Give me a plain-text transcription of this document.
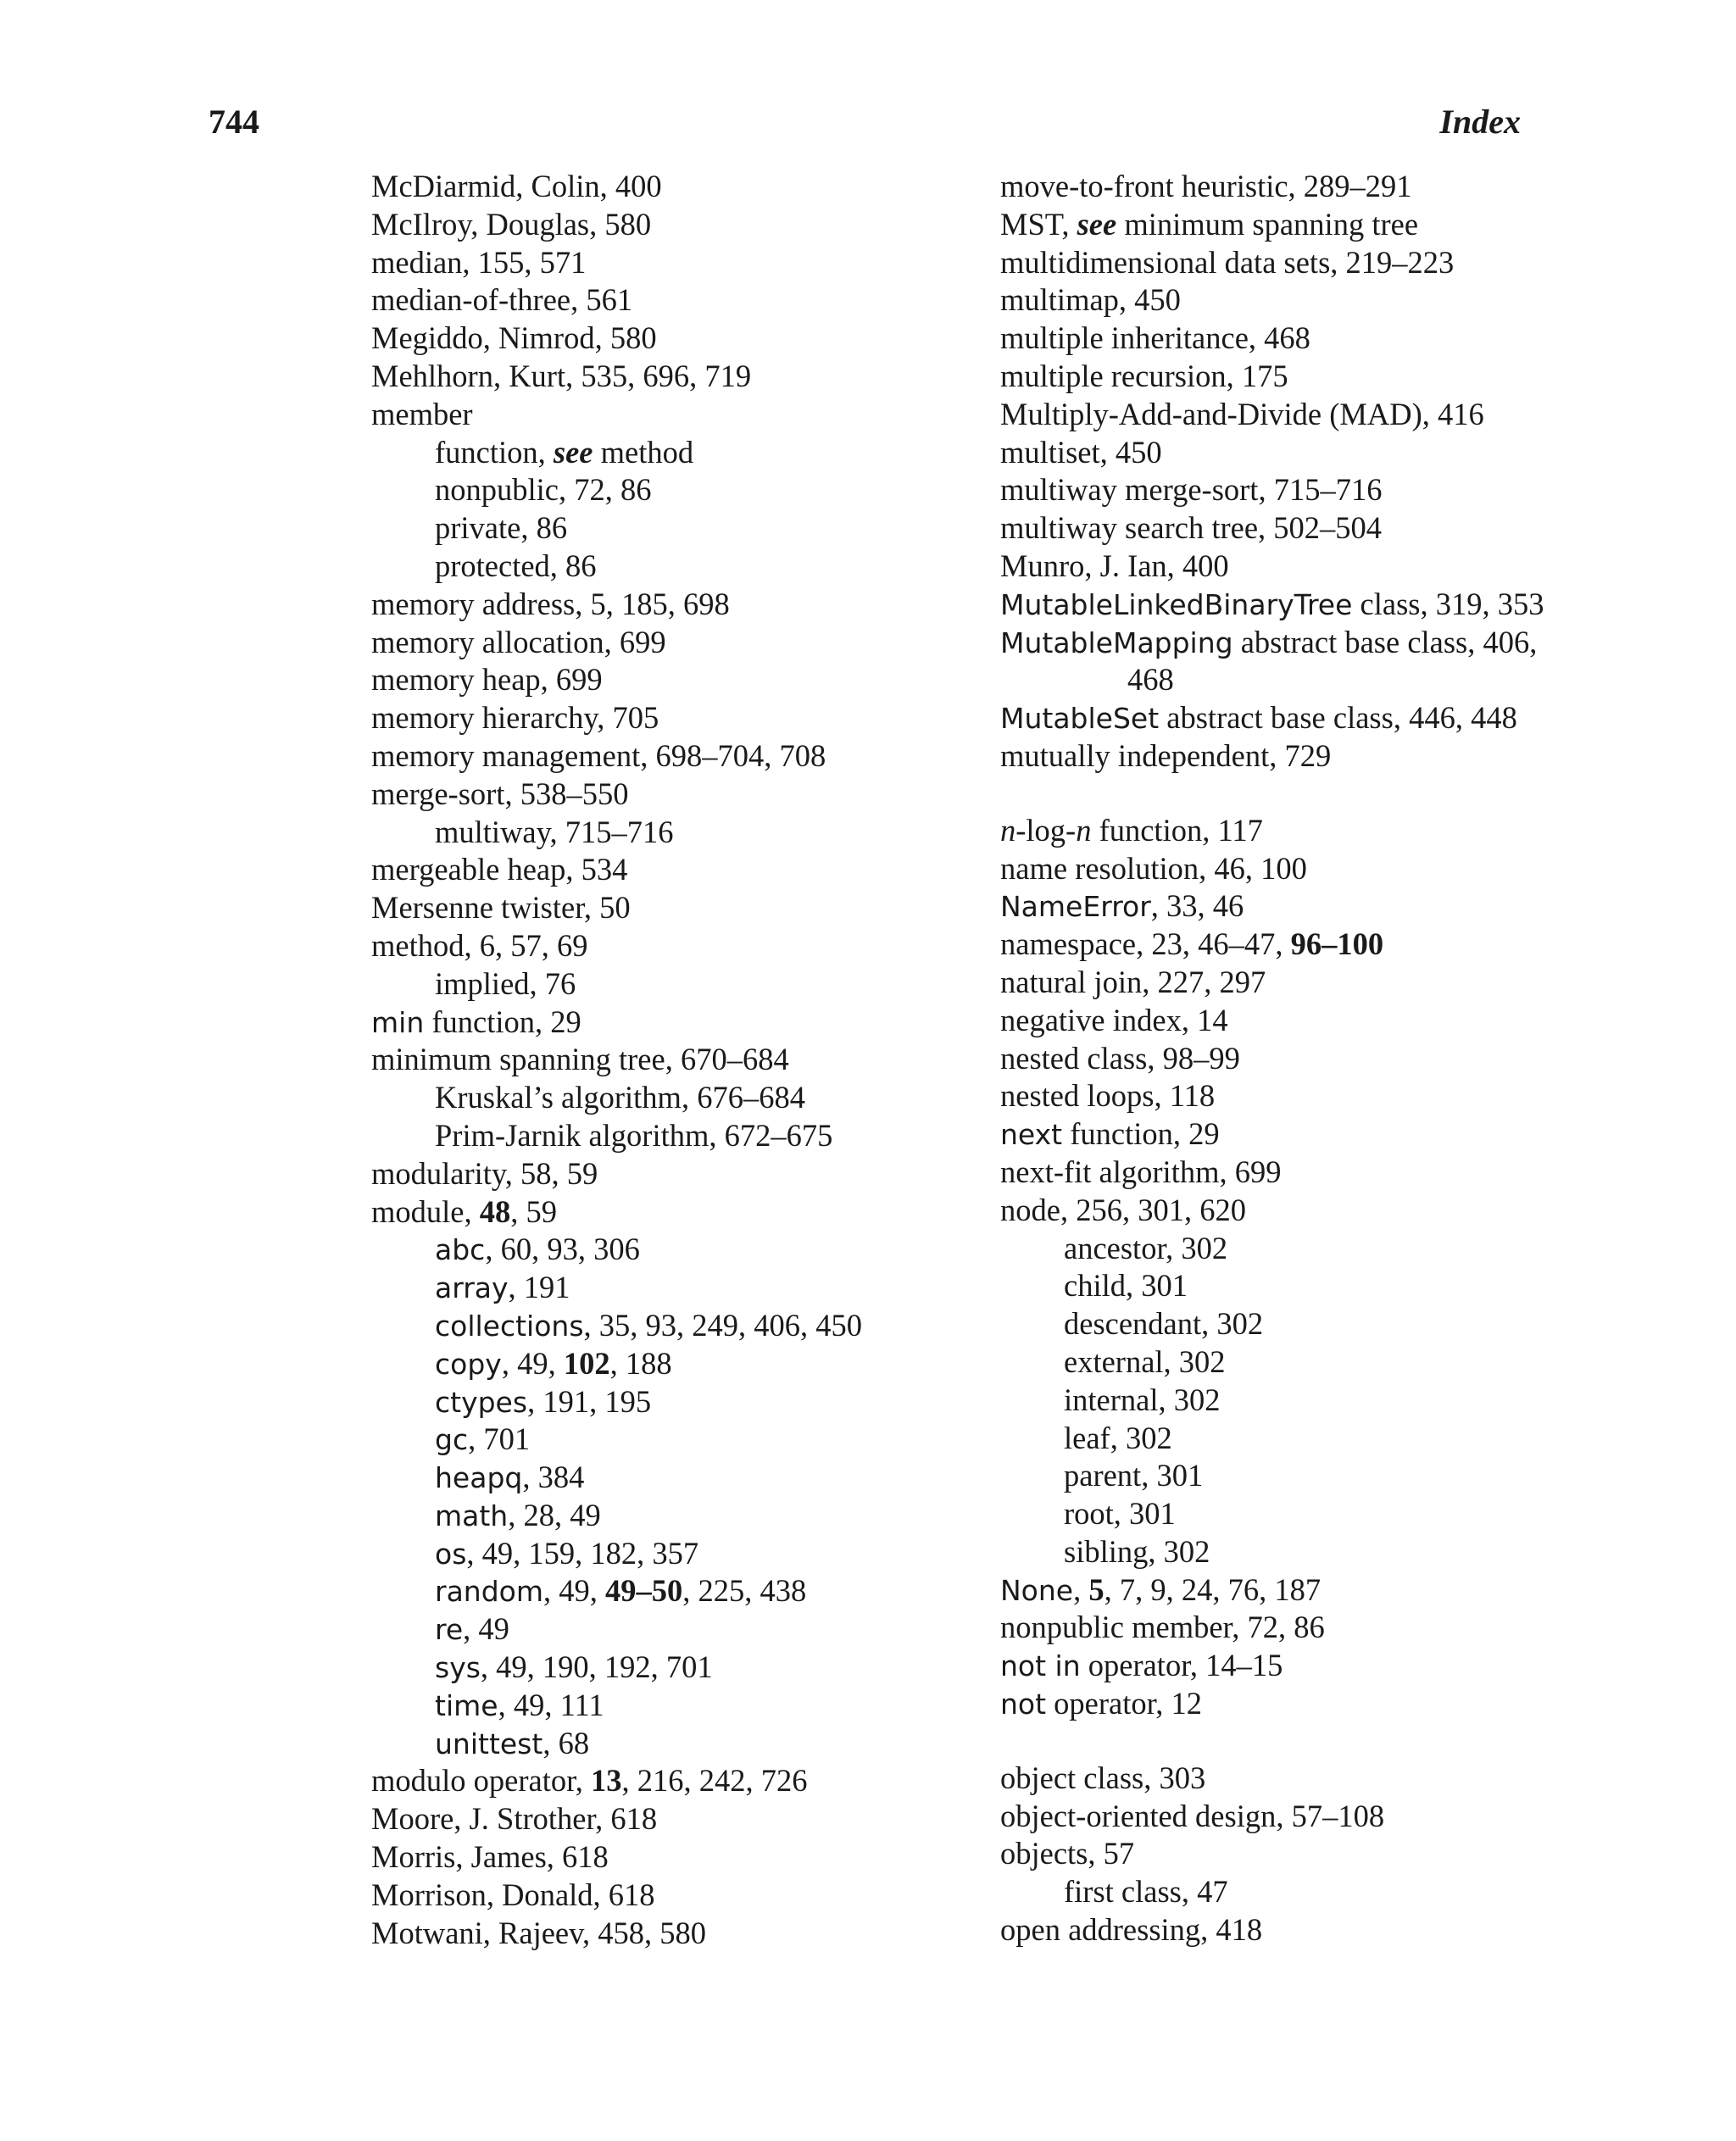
744	Index
McDiarmid, Colin, 400
McIlroy, Douglas, 580
median, 155, 571
median-of-three, 561
Megiddo, Nimrod, 580
Mehlhorn, Kurt, 535, 696, 719
member
function, see method
nonpublic, 72, 86
private, 86
protected, 86
memory address, 5, 185, 698
memory allocation, 699
memory heap, 699
memory hierarchy, 705
memory management, 698–704, 708
merge-sort, 538–550
multiway, 715–716
mergeable heap, 534
Mersenne twister, 50
method, 6, 57, 69
implied, 76
min function, 29
minimum spanning tree, 670–684
Kruskal’s algorithm, 676–684
Prim-Jarnik algorithm, 672–675
modularity, 58, 59
module, 48, 59
abc, 60, 93, 306
array, 191
collections, 35, 93, 249, 406, 450
copy, 49, 102, 188
ctypes, 191, 195
gc, 701
heapq, 384
math, 28, 49
os, 49, 159, 182, 357
random, 49, 49–50, 225, 438
re, 49
sys, 49, 190, 192, 701
time, 49, 111
unittest, 68
modulo operator, 13, 216, 242, 726
Moore, J. Strother, 618
Morris, James, 618
Morrison, Donald, 618
Motwani, Rajeev, 458, 580
move-to-front heuristic, 289–291
MST, see minimum spanning tree
multidimensional data sets, 219–223
multimap, 450
multiple inheritance, 468
multiple recursion, 175
Multiply-Add-and-Divide (MAD), 416
multiset, 450
multiway merge-sort, 715–716
multiway search tree, 502–504
Munro, J. Ian, 400
MutableLinkedBinaryTree class, 319, 353
MutableMapping abstract base class, 406,
468
MutableSet abstract base class, 446, 448
mutually independent, 729
n-log-n function, 117
name resolution, 46, 100
NameError, 33, 46
namespace, 23, 46–47, 96–100
natural join, 227, 297
negative index, 14
nested class, 98–99
nested loops, 118
next function, 29
next-fit algorithm, 699
node, 256, 301, 620
ancestor, 302
child, 301
descendant, 302
external, 302
internal, 302
leaf, 302
parent, 301
root, 301
sibling, 302
None, 5, 7, 9, 24, 76, 187
nonpublic member, 72, 86
not in operator, 14–15
not operator, 12
object class, 303
object-oriented design, 57–108
objects, 57
first class, 47
open addressing, 418
